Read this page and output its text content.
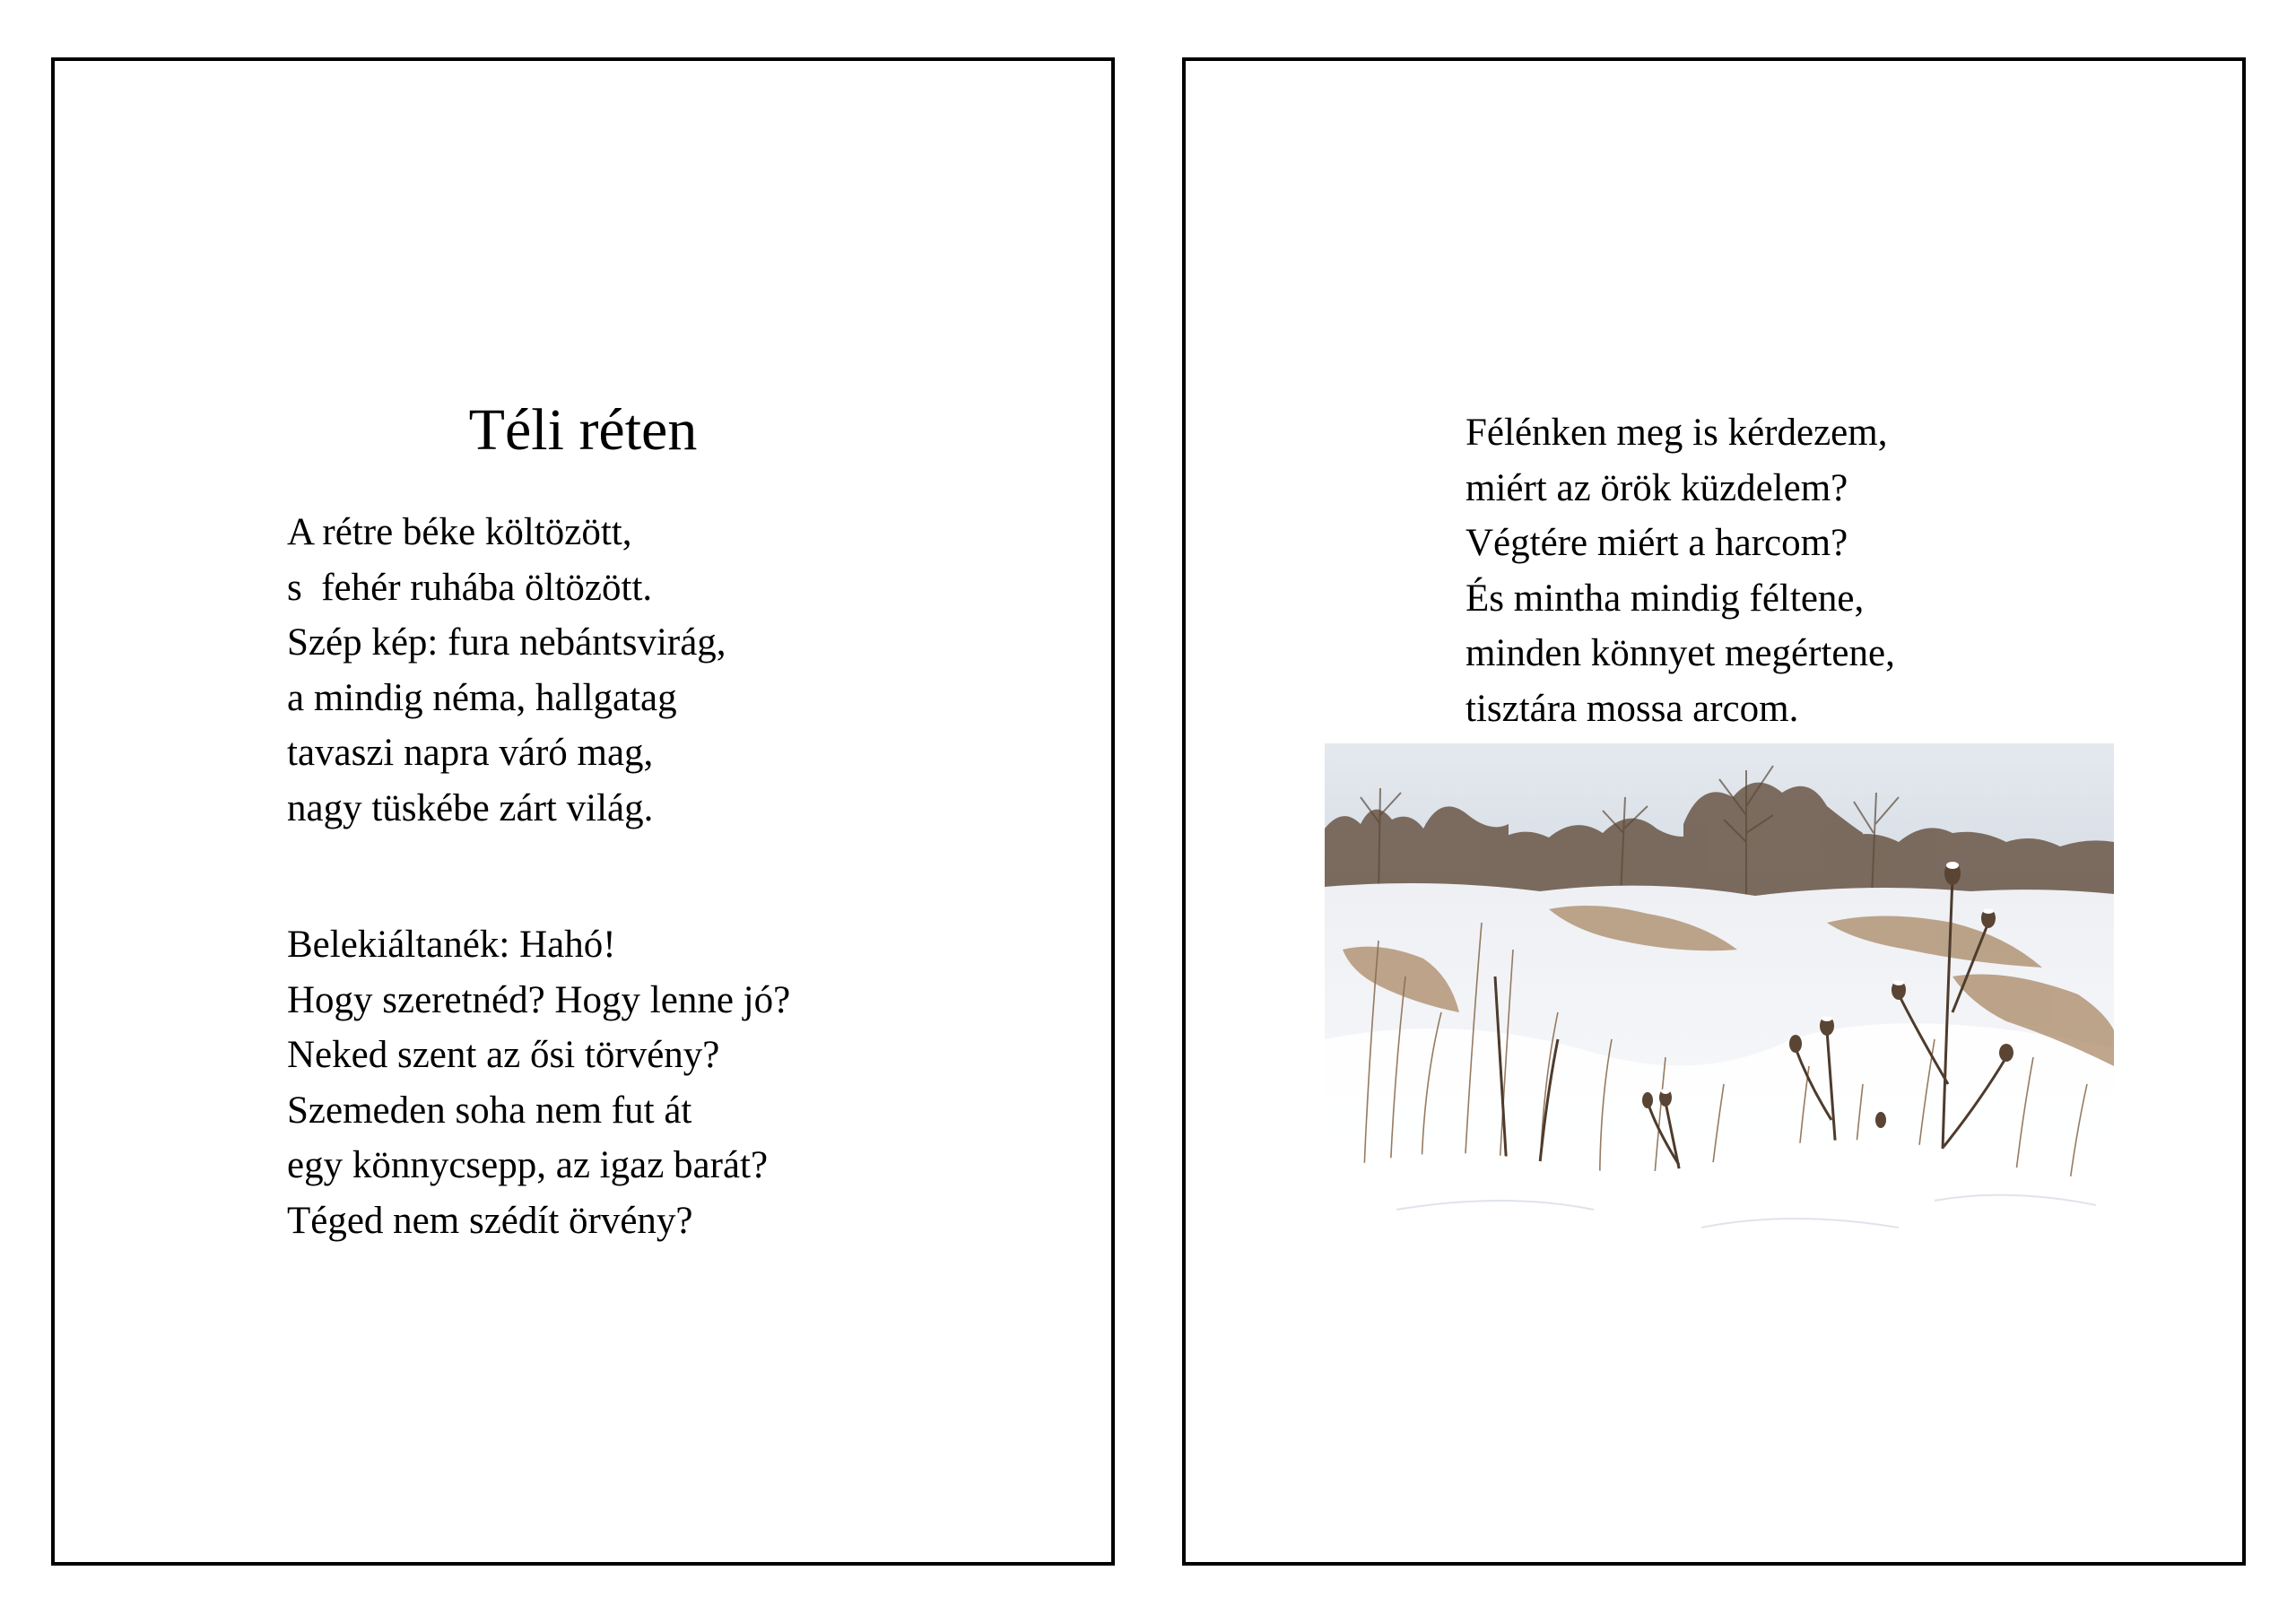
Téli réten
A rétre béke költözött,
s  fehér ruhába öltözött.
Szép kép: fura nebántsvirág,
a mindig néma, hallgatag
tavaszi napra váró mag,
nagy tüskébe zárt világ.
Belekiáltanék: Hahó!
Hogy szeretnéd? Hogy lenne jó?
Neked szent az ősi törvény?
Szemeden soha nem fut át
egy könnycsepp, az igaz barát?
Téged nem szédít örvény?
Félénken meg is kérdezem,
miért az örök küzdelem?
Végtére miért a harcom?
És mintha mindig féltene,
minden könnyet megértene,
tisztára mossa arcom.
